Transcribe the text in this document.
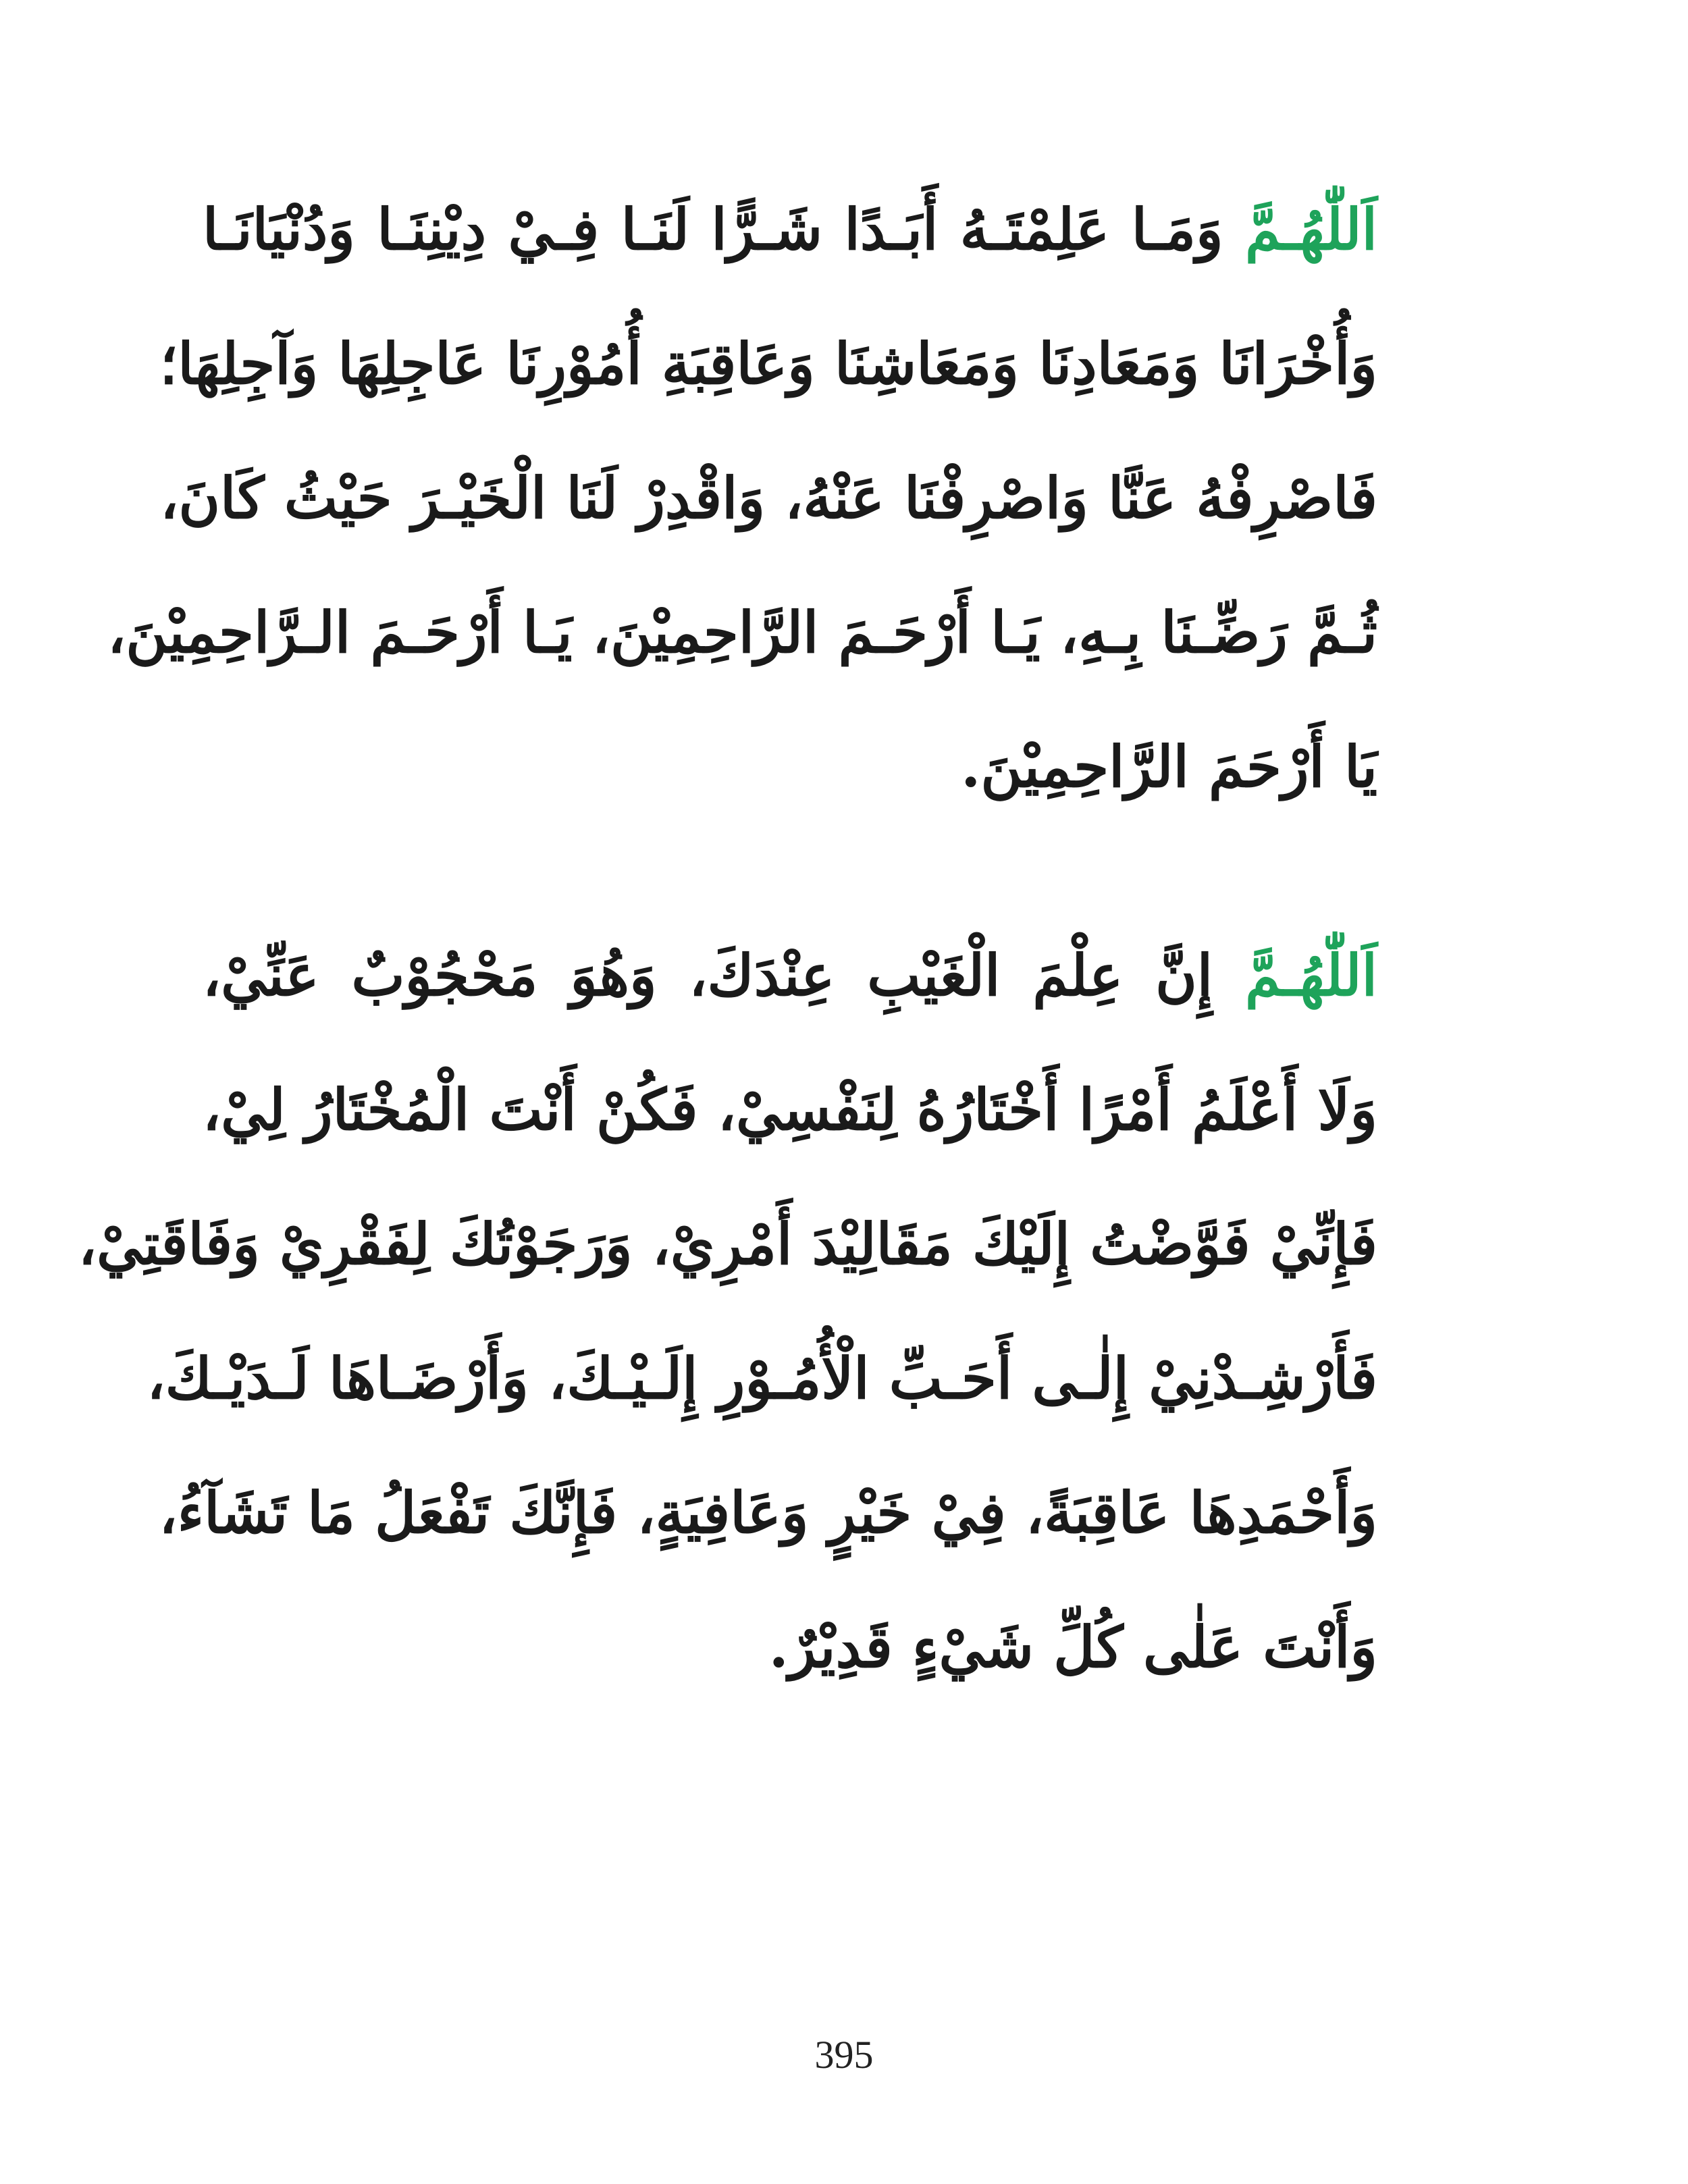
اَللّٰهُـمَّ وَمَـا عَلِمْتَـهُ أَبَـدًا شَـرًّا لَنَـا فِـيْ دِيْنِنَـا وَدُنْيَانَـا
وَأُخْرَانَا وَمَعَادِنَا وَمَعَاشِنَا وَعَاقِبَةِ أُمُوْرِنَا عَاجِلِهَا وَآجِلِهَا؛
فَاصْرِفْهُ عَنَّا وَاصْرِفْنَا عَنْهُ، وَاقْدِرْ لَنَا الْخَيْـرَ حَيْثُ كَانَ،
ثُـمَّ رَضِّـنَا بِـهِ، يَـا أَرْحَـمَ الرَّاحِمِيْنَ، يَـا أَرْحَـمَ الـرَّاحِمِيْنَ،
يَا أَرْحَمَ الرَّاحِمِيْنَ.

اَللّٰهُـمَّ إِنَّ عِلْمَ الْغَيْبِ عِنْدَكَ، وَهُوَ مَحْجُوْبٌ عَنِّيْ،
وَلَا أَعْلَمُ أَمْرًا أَخْتَارُهُ لِنَفْسِيْ، فَكُنْ أَنْتَ الْمُخْتَارُ لِيْ،
فَإِنِّيْ فَوَّضْتُ إِلَيْكَ مَقَالِيْدَ أَمْرِيْ، وَرَجَوْتُكَ لِفَقْرِيْ وَفَاقَتِيْ،
فَأَرْشِـدْنِيْ إِلٰـى أَحَـبِّ الْأُمُـوْرِ إِلَـيْـكَ، وَأَرْضَـاهَا لَـدَيْـكَ،
وَأَحْمَدِهَا عَاقِبَةً، فِيْ خَيْرٍ وَعَافِيَةٍ، فَإِنَّكَ تَفْعَلُ مَا تَشَآءُ،
وَأَنْتَ عَلٰى كُلِّ شَيْءٍ قَدِيْرٌ.

395
